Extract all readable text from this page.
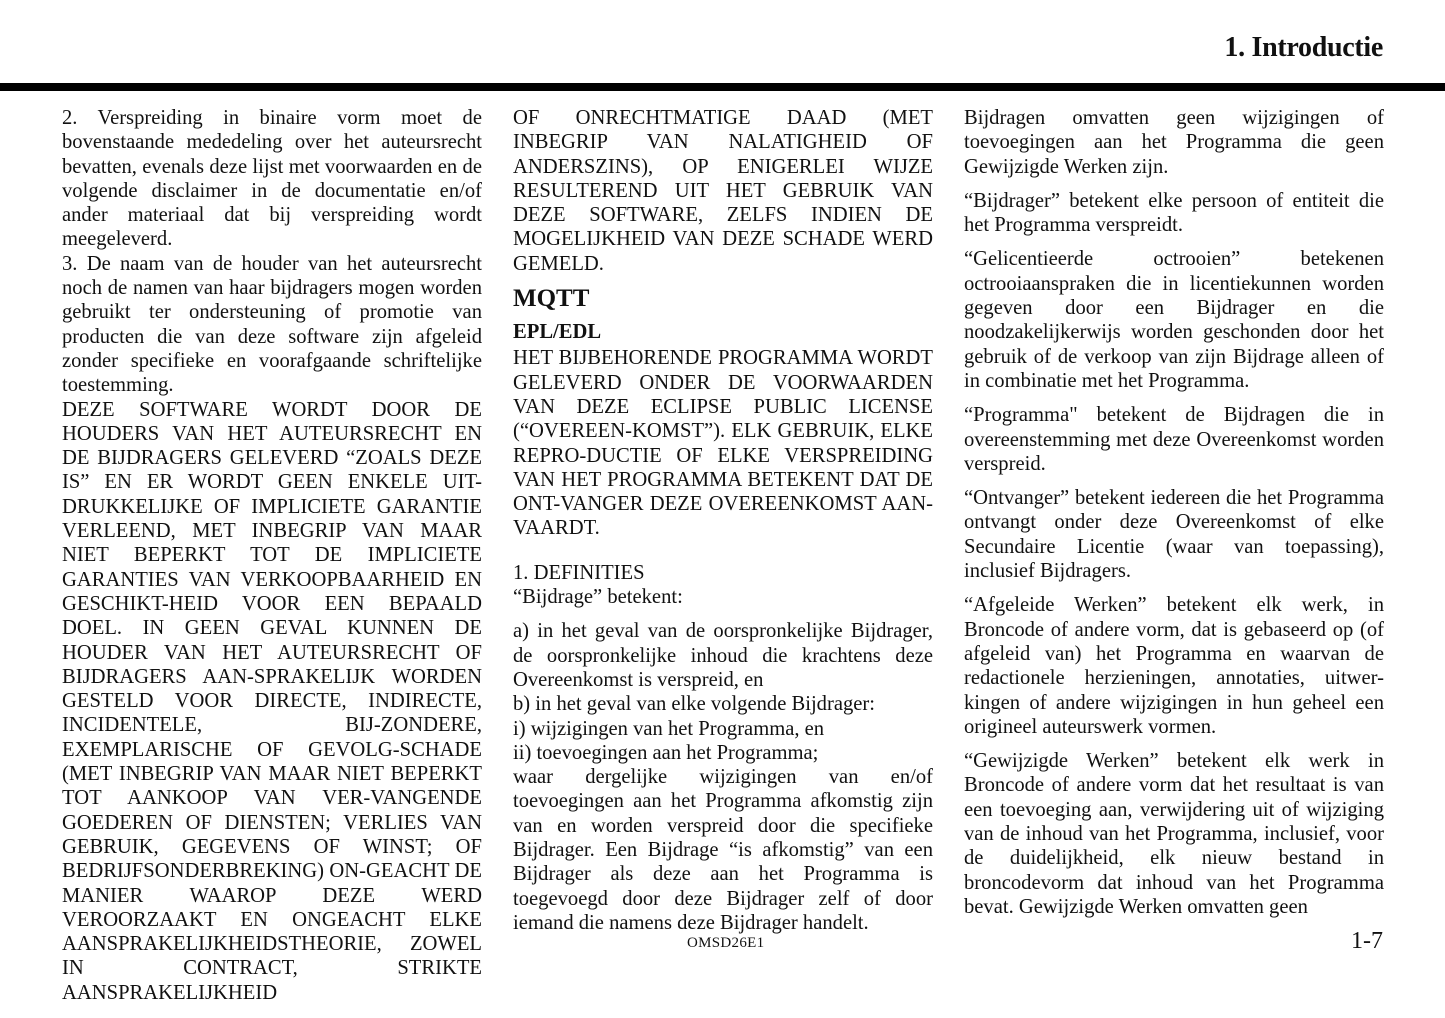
1. Introductie

2. Verspreiding in binaire vorm moet de bovenstaande mededeling over het auteursrecht bevatten, evenals deze lijst met voorwaarden en de volgende disclaimer in de documentatie en/of ander materiaal dat bij verspreiding wordt meegeleverd.

3. De naam van de houder van het auteursrecht noch de namen van haar bijdragers mogen worden gebruikt ter ondersteuning of promotie van producten die van deze software zijn afgeleid zonder specifieke en voorafgaande schriftelijke toestemming.

DEZE SOFTWARE WORDT DOOR DE HOUDERS VAN HET AUTEURSRECHT EN DE BIJDRAGERS GELEVERD “ZOALS DEZE IS” EN ER WORDT GEEN ENKELE UIT-DRUKKELIJKE OF IMPLICIETE GARANTIE VERLEEND, MET INBEGRIP VAN MAAR NIET BEPERKT TOT DE IMPLICIETE GARANTIES VAN VERKOOPBAARHEID EN GESCHIKT-HEID VOOR EEN BEPAALD DOEL. IN GEEN GEVAL KUNNEN DE HOUDER VAN HET AUTEURSRECHT OF BIJDRAGERS AAN-SPRAKELIJK WORDEN GESTELD VOOR DIRECTE, INDIRECTE, INCIDENTELE, BIJ-ZONDERE, EXEMPLARISCHE OF GEVOLG-SCHADE (MET INBEGRIP VAN MAAR NIET BEPERKT TOT AANKOOP VAN VER-VANGENDE GOEDEREN OF DIENSTEN; VERLIES VAN GEBRUIK, GEGEVENS OF WINST; OF BEDRIJFSONDERBREKING) ON-GEACHT DE MANIER WAAROP DEZE WERD VEROORZAAKT EN ONGEACHT ELKE AANSPRAKELIJKHEIDSTHEORIE, ZOWEL IN CONTRACT, STRIKTE AANSPRAKELIJKHEID

OF ONRECHTMATIGE DAAD (MET INBEGRIP VAN NALATIGHEID OF ANDERSZINS), OP ENIGERLEI WIJZE RESULTEREND UIT HET GEBRUIK VAN DEZE SOFTWARE, ZELFS INDIEN DE MOGELIJKHEID VAN DEZE SCHADE WERD GEMELD.

MQTT
EPL/EDL

HET BIJBEHORENDE PROGRAMMA WORDT GELEVERD ONDER DE VOORWAARDEN VAN DEZE ECLIPSE PUBLIC LICENSE (“OVEREEN-KOMST”). ELK GEBRUIK, ELKE REPRO-DUCTIE OF ELKE VERSPREIDING VAN HET PROGRAMMA BETEKENT DAT DE ONT-VANGER DEZE OVEREENKOMST AAN-VAARDT.

1. DEFINITIES

“Bijdrage” betekent:

a) in het geval van de oorspronkelijke Bijdrager, de oorspronkelijke inhoud die krachtens deze Overeenkomst is verspreid, en

b) in het geval van elke volgende Bijdrager:

i) wijzigingen van het Programma, en

ii) toevoegingen aan het Programma;

waar dergelijke wijzigingen van en/of toevoegingen aan het Programma afkomstig zijn van en worden verspreid door die specifieke Bijdrager. Een Bijdrage “is afkomstig” van een Bijdrager als deze aan het Programma is toegevoegd door deze Bijdrager zelf of door iemand die namens deze Bijdrager handelt.

Bijdragen omvatten geen wijzigingen of toevoegingen aan het Programma die geen Gewijzigde Werken zijn.

“Bijdrager” betekent elke persoon of entiteit die het Programma verspreidt.

“Gelicentieerde octrooien” betekenen octrooiaanspraken die in licentiekunnen worden gegeven door een Bijdrager en die noodzakelijkerwijs worden geschonden door het gebruik of de verkoop van zijn Bijdrage alleen of in combinatie met het Programma.

“Programma" betekent de Bijdragen die in overeenstemming met deze Overeenkomst worden verspreid.

“Ontvanger” betekent iedereen die het Programma ontvangt onder deze Overeenkomst of elke Secundaire Licentie (waar van toepassing), inclusief Bijdragers.

“Afgeleide Werken” betekent elk werk, in Broncode of andere vorm, dat is gebaseerd op (of afgeleid van) het Programma en waarvan de redactionele herzieningen, annotaties, uitwer-kingen of andere wijzigingen in hun geheel een origineel auteurswerk vormen.

“Gewijzigde Werken” betekent elk werk in Broncode of andere vorm dat het resultaat is van een toevoeging aan, verwijdering uit of wijziging van de inhoud van het Programma, inclusief, voor de duidelijkheid, elk nieuw bestand in broncodevorm dat inhoud van het Programma bevat. Gewijzigde Werken omvatten geen

OMSD26E1	1-7
